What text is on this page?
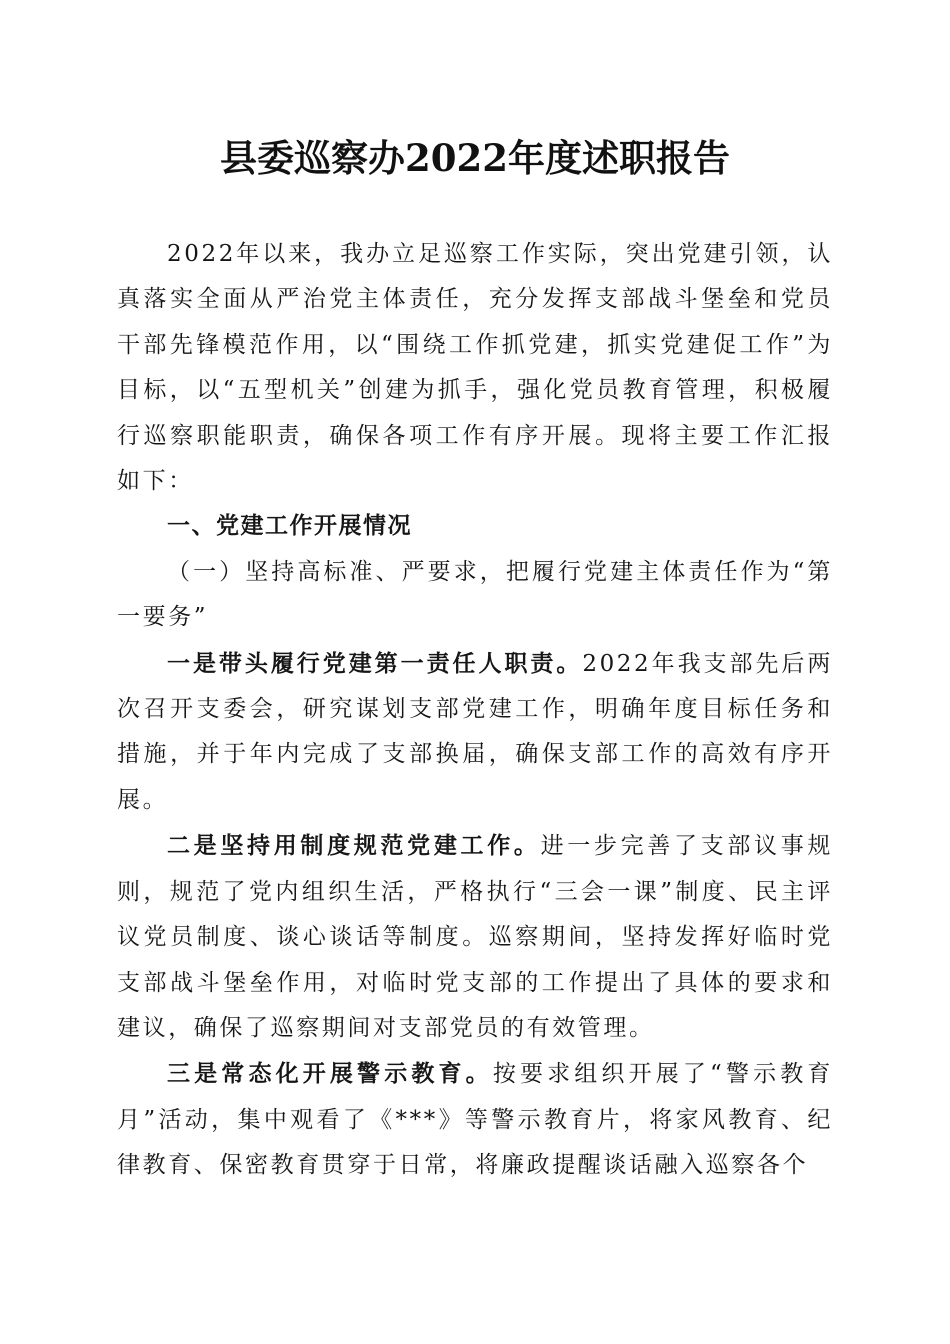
县委巡察办2022年度述职报告

2022年以来，我办立足巡察工作实际，突出党建引领，认真落实全面从严治党主体责任，充分发挥支部战斗堡垒和党员干部先锋模范作用，以“围绕工作抓党建，抓实党建促工作”为目标，以“五型机关”创建为抓手，强化党员教育管理，积极履行巡察职能职责，确保各项工作有序开展。现将主要工作汇报如下：

一、党建工作开展情况

（一）坚持高标准、严要求，把履行党建主体责任作为“第一要务”

一是带头履行党建第一责任人职责。2022年我支部先后两次召开支委会，研究谋划支部党建工作，明确年度目标任务和措施，并于年内完成了支部换届，确保支部工作的高效有序开展。

二是坚持用制度规范党建工作。进一步完善了支部议事规则，规范了党内组织生活，严格执行“三会一课”制度、民主评议党员制度、谈心谈话等制度。巡察期间，坚持发挥好临时党支部战斗堡垒作用，对临时党支部的工作提出了具体的要求和建议，确保了巡察期间对支部党员的有效管理。

三是常态化开展警示教育。按要求组织开展了“警示教育月”活动，集中观看了《***》等警示教育片，将家风教育、纪律教育、保密教育贯穿于日常，将廉政提醒谈话融入巡察各个
